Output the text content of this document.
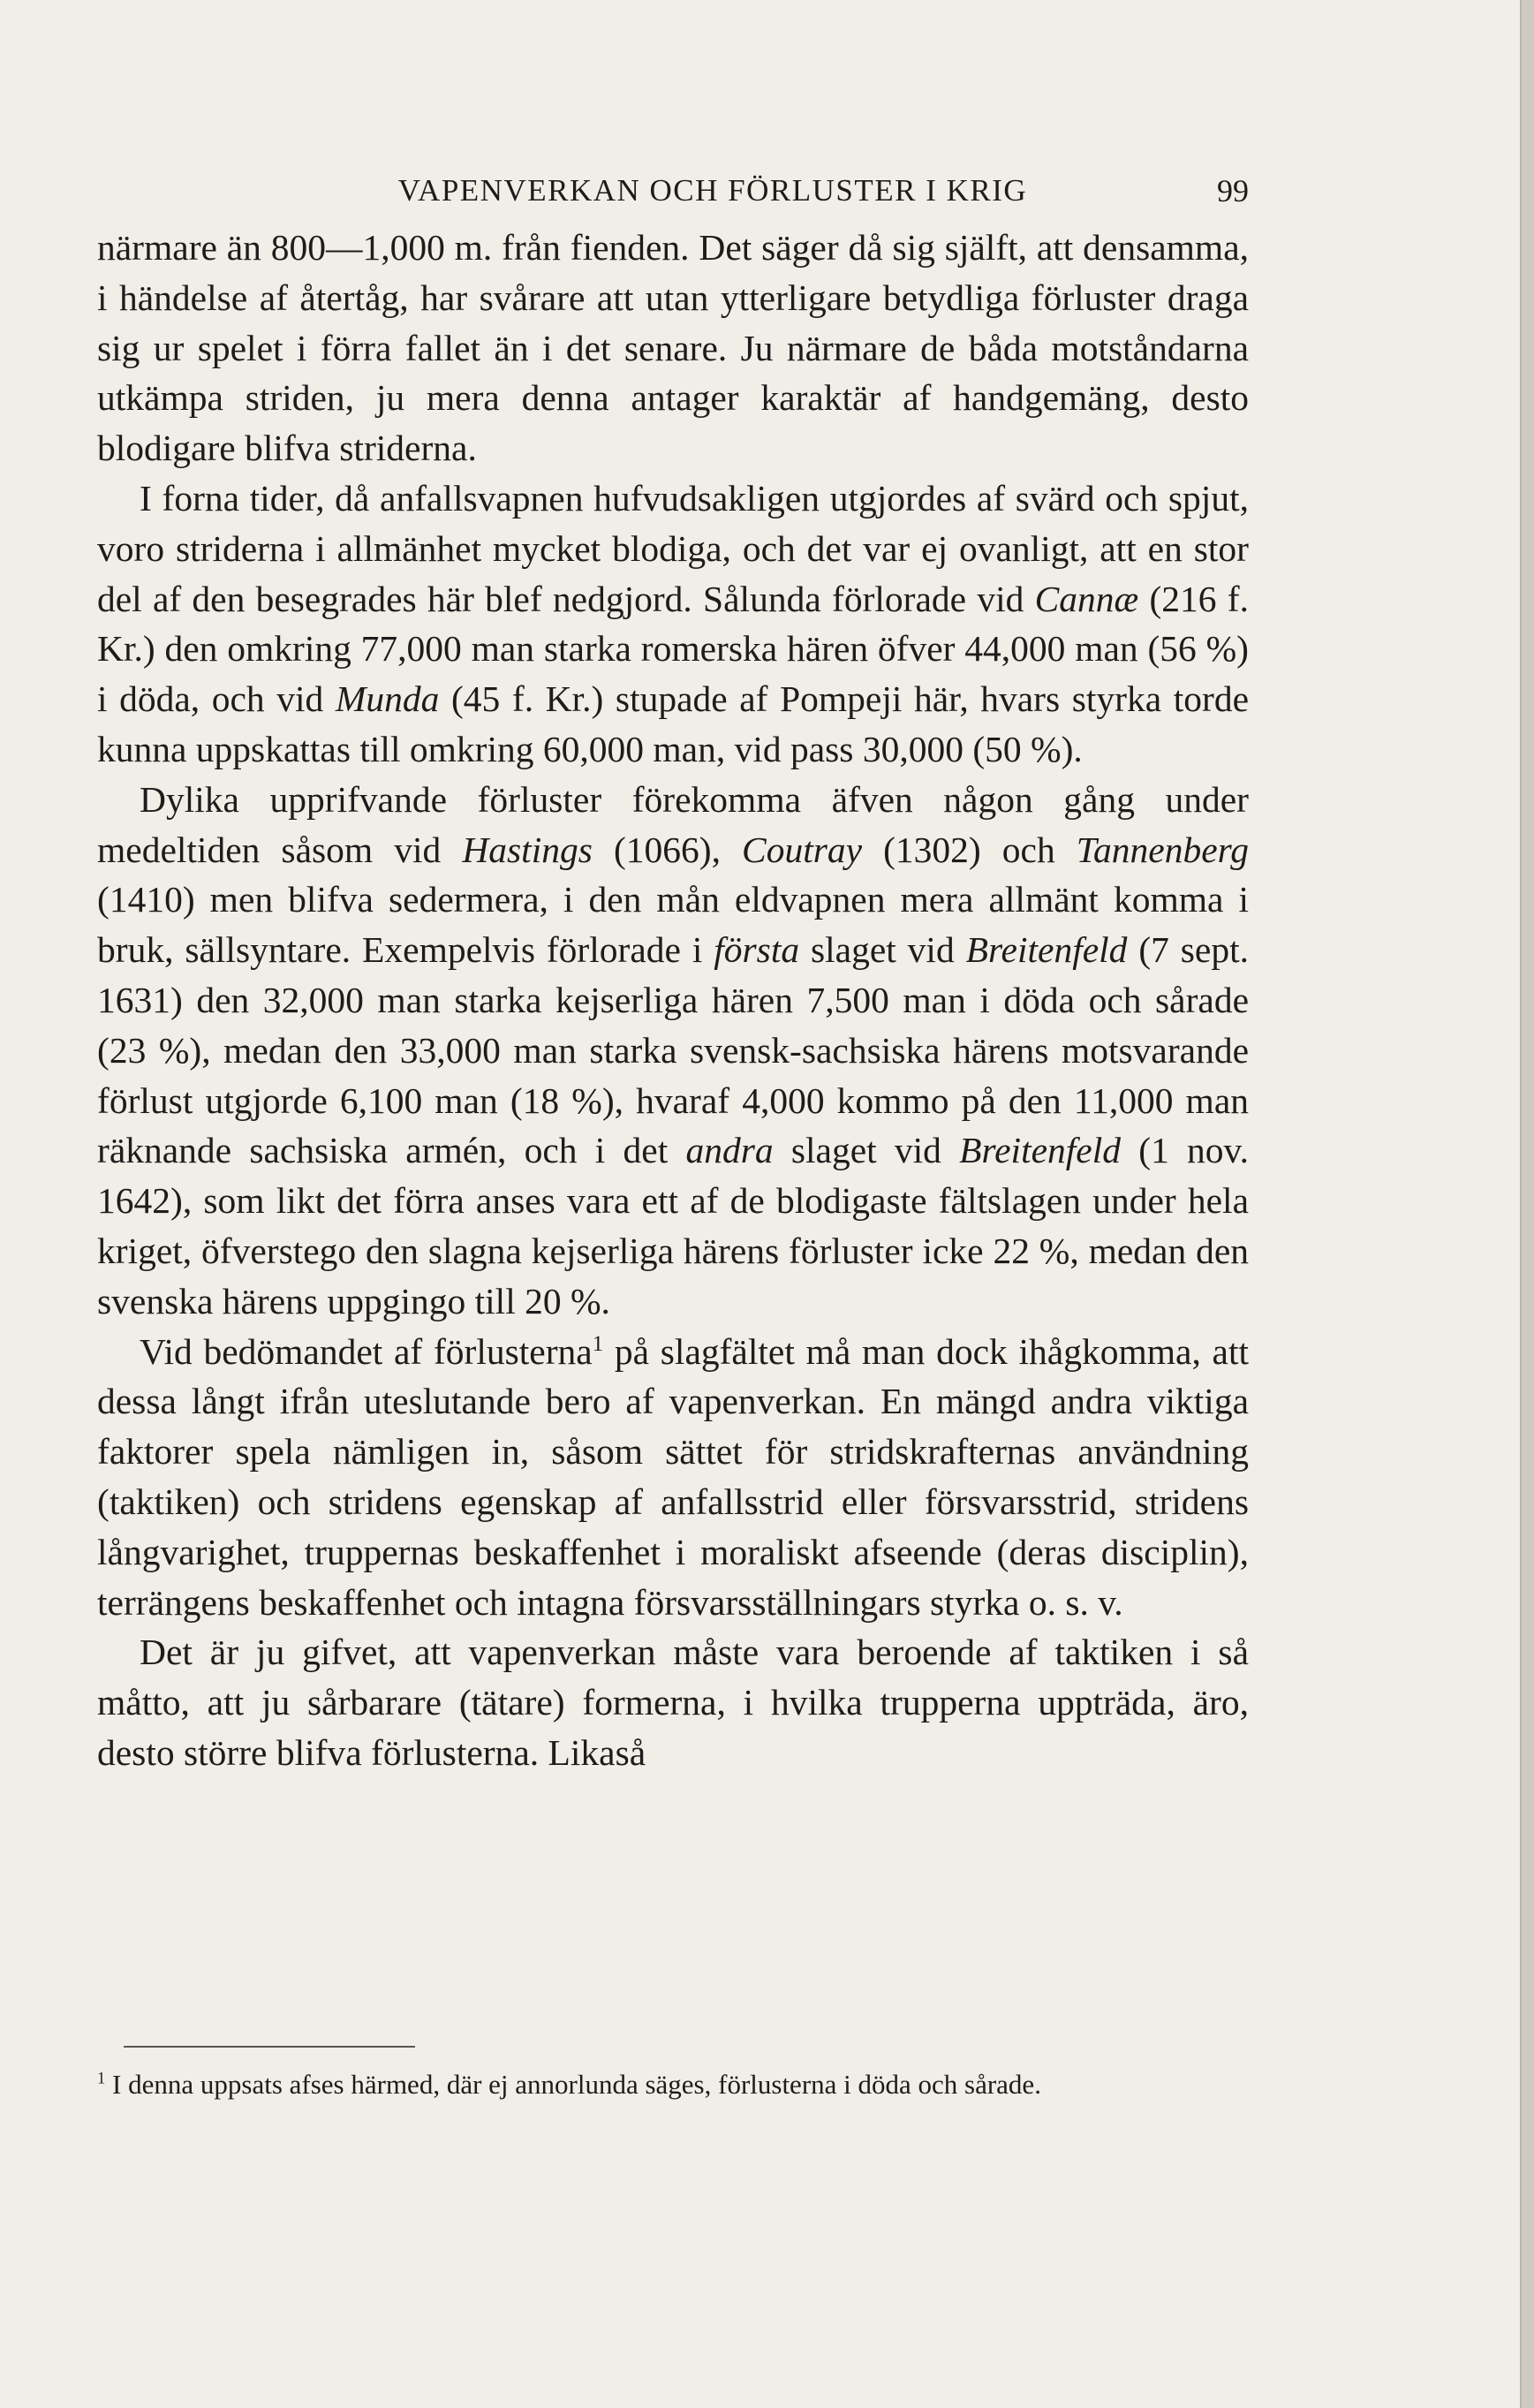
VAPENVERKAN OCH FÖRLUSTER I KRIG	99

närmare än 800—1,000 m. från fienden. Det säger då sig själft, att densamma, i händelse af återtåg, har svårare att utan ytterligare betydliga förluster draga sig ur spelet i förra fallet än i det senare. Ju närmare de båda motståndarna utkämpa striden, ju mera denna antager karaktär af handgemäng, desto blodigare blifva striderna.

I forna tider, då anfallsvapnen hufvudsakligen utgjordes af svärd och spjut, voro striderna i allmänhet mycket blodiga, och det var ej ovanligt, att en stor del af den besegrades här blef nedgjord. Sålunda förlorade vid Cannæ (216 f. Kr.) den omkring 77,000 man starka romerska hären öfver 44,000 man (56 %) i döda, och vid Munda (45 f. Kr.) stupade af Pompeji här, hvars styrka torde kunna uppskattas till omkring 60,000 man, vid pass 30,000 (50 %).

Dylika upprifvande förluster förekomma äfven någon gång under medeltiden såsom vid Hastings (1066), Coutray (1302) och Tannenberg (1410) men blifva sedermera, i den mån eldvapnen mera allmänt komma i bruk, sällsyntare. Exempelvis förlorade i första slaget vid Breitenfeld (7 sept. 1631) den 32,000 man starka kejserliga hären 7,500 man i döda och sårade (23 %), medan den 33,000 man starka svensk-sachsiska härens motsvarande förlust utgjorde 6,100 man (18 %), hvaraf 4,000 kommo på den 11,000 man räknande sachsiska armén, och i det andra slaget vid Breitenfeld (1 nov. 1642), som likt det förra anses vara ett af de blodigaste fältslagen under hela kriget, öfverstego den slagna kejserliga härens förluster icke 22 %, medan den svenska härens uppgingo till 20 %.

Vid bedömandet af förlusterna$^1$ på slagfältet må man dock ihågkomma, att dessa långt ifrån uteslutande bero af vapenverkan. En mängd andra viktiga faktorer spela nämligen in, såsom sättet för stridskrafternas användning (taktiken) och stridens egenskap af anfallsstrid eller försvarsstrid, stridens långvarighet, truppernas beskaffenhet i moraliskt afseende (deras disciplin), terrängens beskaffenhet och intagna försvarsställningars styrka o. s. v.

Det är ju gifvet, att vapenverkan måste vara beroende af taktiken i så måtto, att ju sårbarare (tätare) formerna, i hvilka trupperna uppträda, äro, desto större blifva förlusterna. Likaså

$^1$ I denna uppsats afses härmed, där ej annorlunda säges, förlusterna i döda och sårade.
